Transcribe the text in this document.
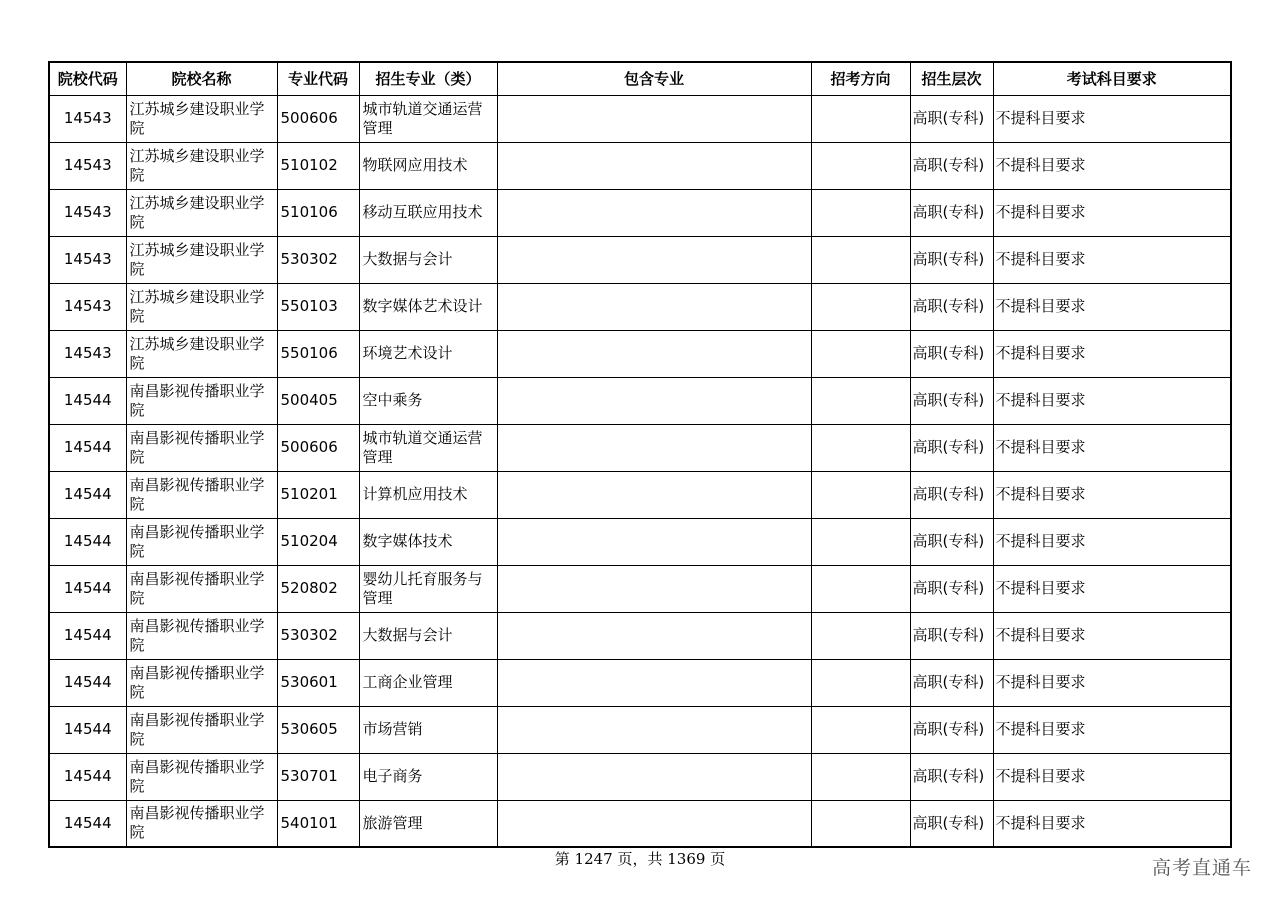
院校代码	院校名称	专业代码	招生专业（类）	包含专业	招考方向	招生层次	考试科目要求
14543	江苏城乡建设职业学院	500606	城市轨道交通运营管理			高职(专科)	不提科目要求
14543	江苏城乡建设职业学院	510102	物联网应用技术			高职(专科)	不提科目要求
14543	江苏城乡建设职业学院	510106	移动互联应用技术			高职(专科)	不提科目要求
14543	江苏城乡建设职业学院	530302	大数据与会计			高职(专科)	不提科目要求
14543	江苏城乡建设职业学院	550103	数字媒体艺术设计			高职(专科)	不提科目要求
14543	江苏城乡建设职业学院	550106	环境艺术设计			高职(专科)	不提科目要求
14544	南昌影视传播职业学院	500405	空中乘务			高职(专科)	不提科目要求
14544	南昌影视传播职业学院	500606	城市轨道交通运营管理			高职(专科)	不提科目要求
14544	南昌影视传播职业学院	510201	计算机应用技术			高职(专科)	不提科目要求
14544	南昌影视传播职业学院	510204	数字媒体技术			高职(专科)	不提科目要求
14544	南昌影视传播职业学院	520802	婴幼儿托育服务与管理			高职(专科)	不提科目要求
14544	南昌影视传播职业学院	530302	大数据与会计			高职(专科)	不提科目要求
14544	南昌影视传播职业学院	530601	工商企业管理			高职(专科)	不提科目要求
14544	南昌影视传播职业学院	530605	市场营销			高职(专科)	不提科目要求
14544	南昌影视传播职业学院	530701	电子商务			高职(专科)	不提科目要求
14544	南昌影视传播职业学院	540101	旅游管理			高职(专科)	不提科目要求
第 1247 页，共 1369 页	高考直通车
